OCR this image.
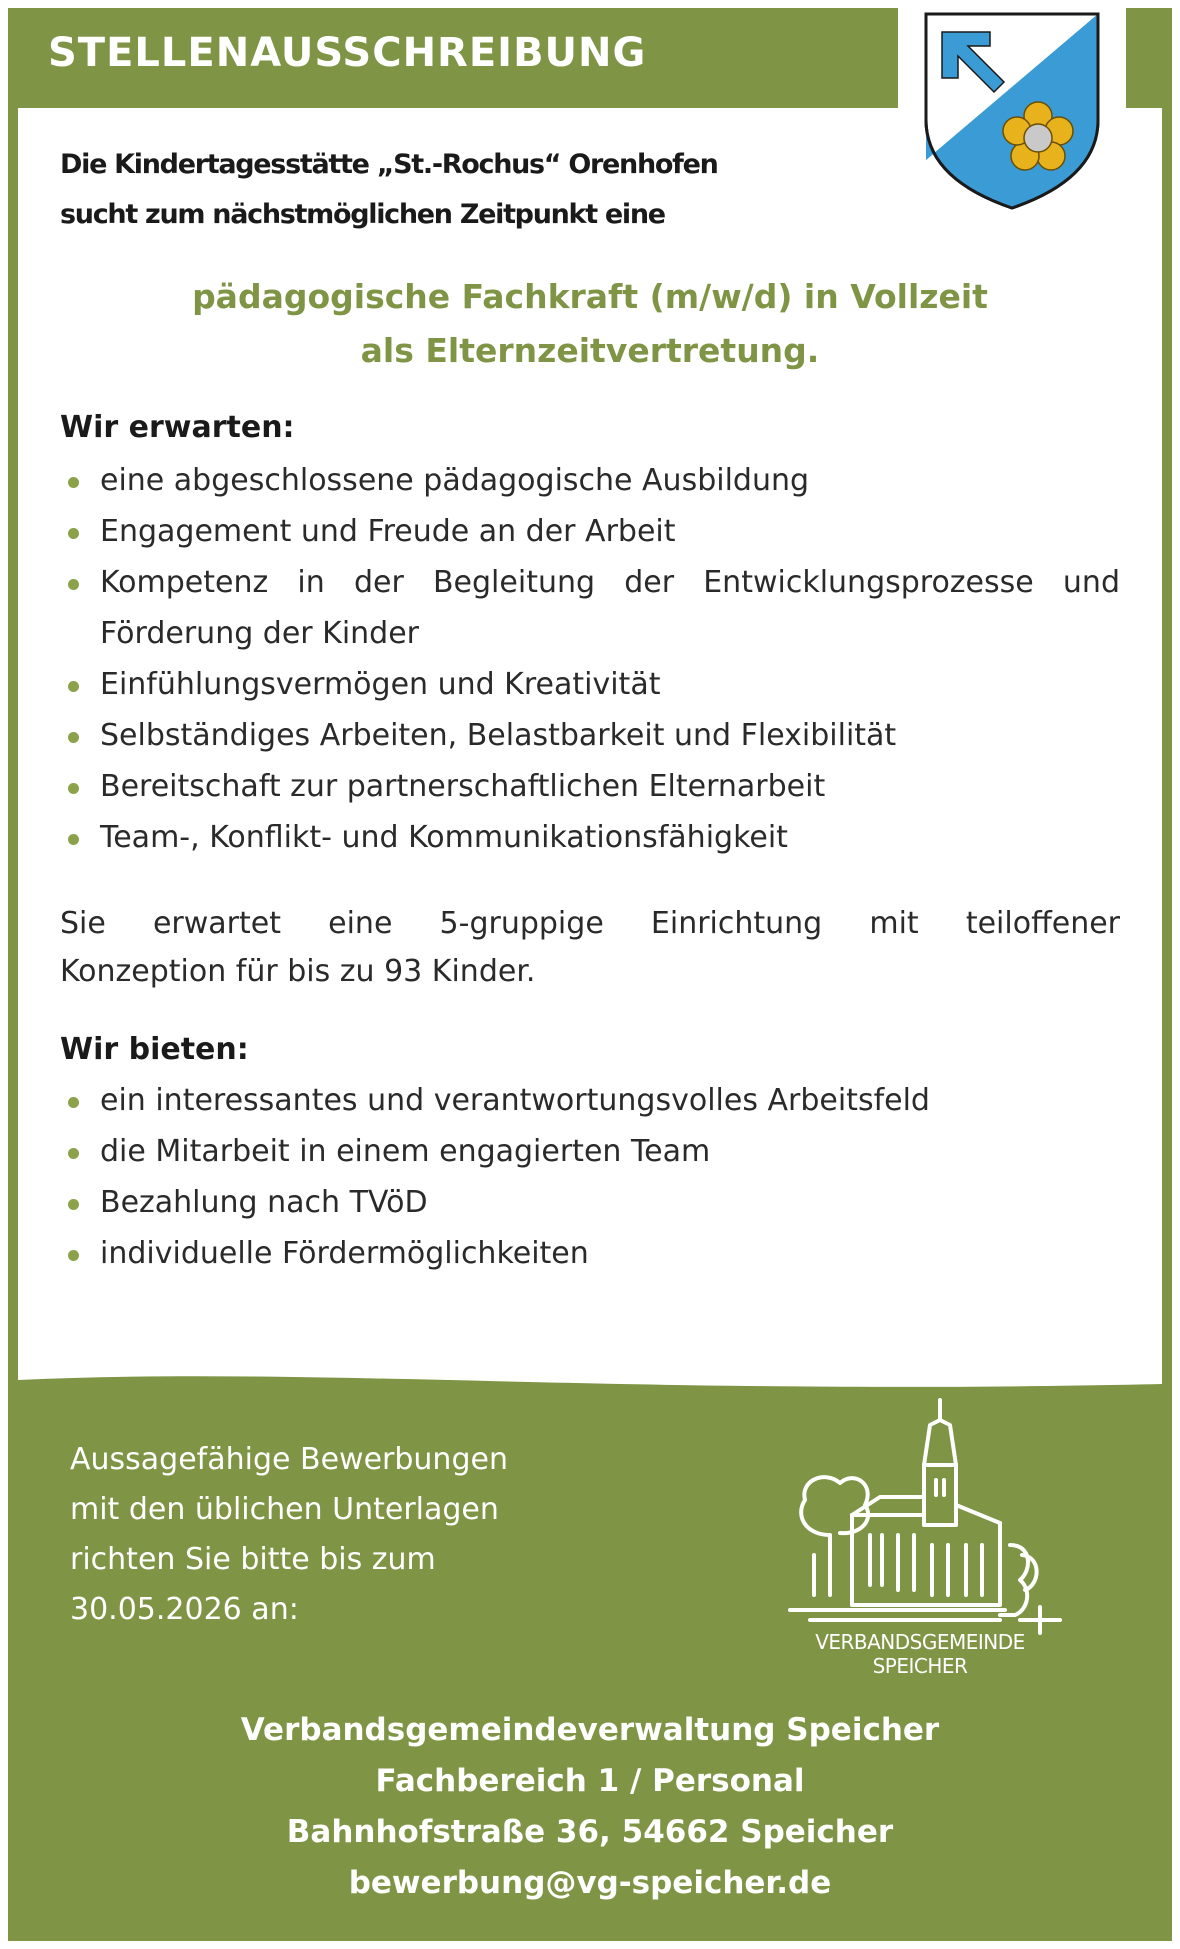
STELLENAUSSCHREIBUNG
Die Kindertagesstätte „St.-Rochus“ Orenhofen
sucht zum nächstmöglichen Zeitpunkt eine
pädagogische Fachkraft (m/w/d) in Vollzeit
als Elternzeitvertretung.
Wir erwarten:
eine abgeschlossene pädagogische Ausbildung
Engagement und Freude an der Arbeit
Kompetenz in der Begleitung der Entwicklungsprozesse und Förderung der Kinder
Einfühlungsvermögen und Kreativität
Selbständiges Arbeiten, Belastbarkeit und Flexibilität
Bereitschaft zur partnerschaftlichen Elternarbeit
Team-, Konflikt- und Kommunikationsfähigkeit
Sie erwartet eine 5-gruppige Einrichtung mit teiloffener
Konzeption für bis zu 93 Kinder.
Wir bieten:
ein interessantes und verantwortungsvolles Arbeitsfeld
die Mitarbeit in einem engagierten Team
Bezahlung nach TVöD
individuelle Fördermöglichkeiten
Aussagefähige Bewerbungen
mit den üblichen Unterlagen
richten Sie bitte bis zum
30.05.2026 an:
VERBANDSGEMEINDE
SPEICHER
Verbandsgemeindeverwaltung Speicher
Fachbereich 1 / Personal
Bahnhofstraße 36, 54662 Speicher
bewerbung@vg-speicher.de
